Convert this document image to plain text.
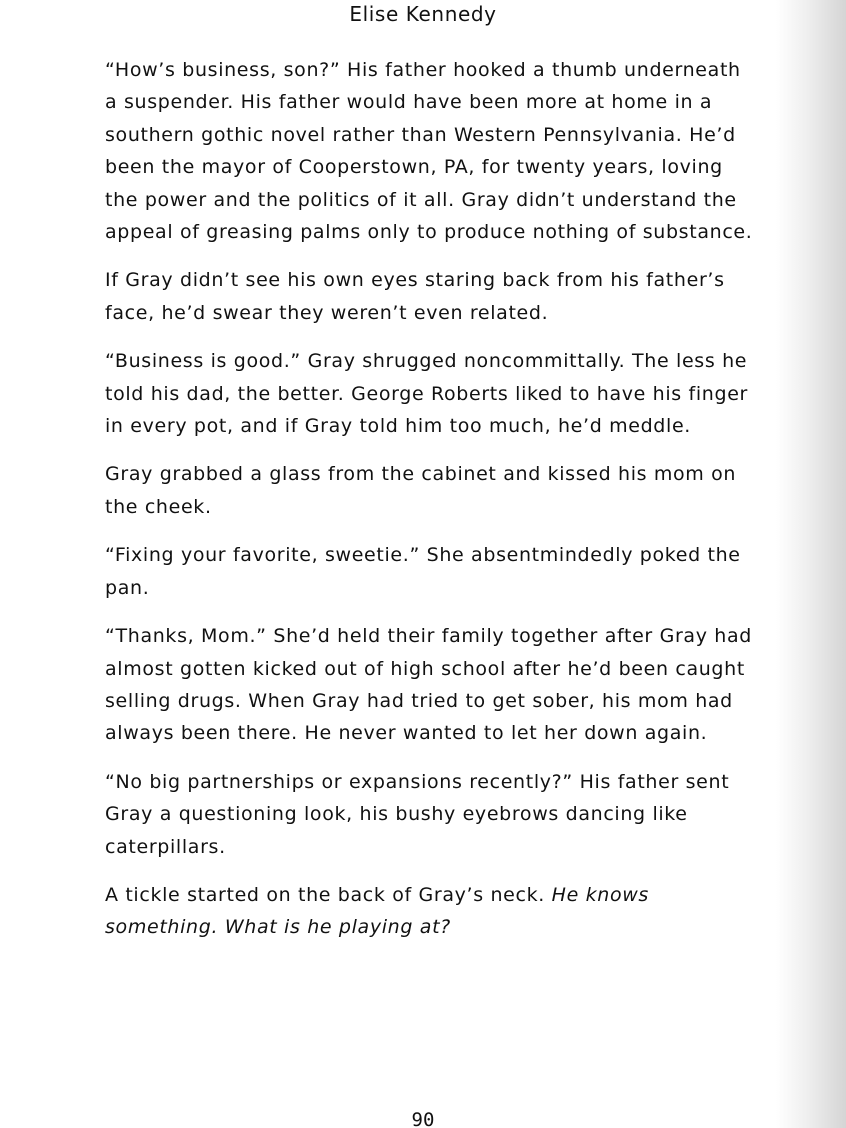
Elise Kennedy

“How’s business, son?” His father hooked a thumb underneath a suspender. His father would have been more at home in a southern gothic novel rather than Western Pennsylvania. He’d been the mayor of Cooperstown, PA, for twenty years, loving the power and the politics of it all. Gray didn’t understand the appeal of greasing palms only to produce nothing of substance.

If Gray didn’t see his own eyes staring back from his father’s face, he’d swear they weren’t even related.

“Business is good.” Gray shrugged noncommittally. The less he told his dad, the better. George Roberts liked to have his finger in every pot, and if Gray told him too much, he’d meddle.

Gray grabbed a glass from the cabinet and kissed his mom on the cheek.

“Fixing your favorite, sweetie.” She absentmindedly poked the pan.

“Thanks, Mom.” She’d held their family together after Gray had almost gotten kicked out of high school after he’d been caught selling drugs. When Gray had tried to get sober, his mom had always been there. He never wanted to let her down again.

“No big partnerships or expansions recently?” His father sent Gray a questioning look, his bushy eyebrows dancing like caterpillars.

A tickle started on the back of Gray’s neck. He knows something. What is he playing at?

90
